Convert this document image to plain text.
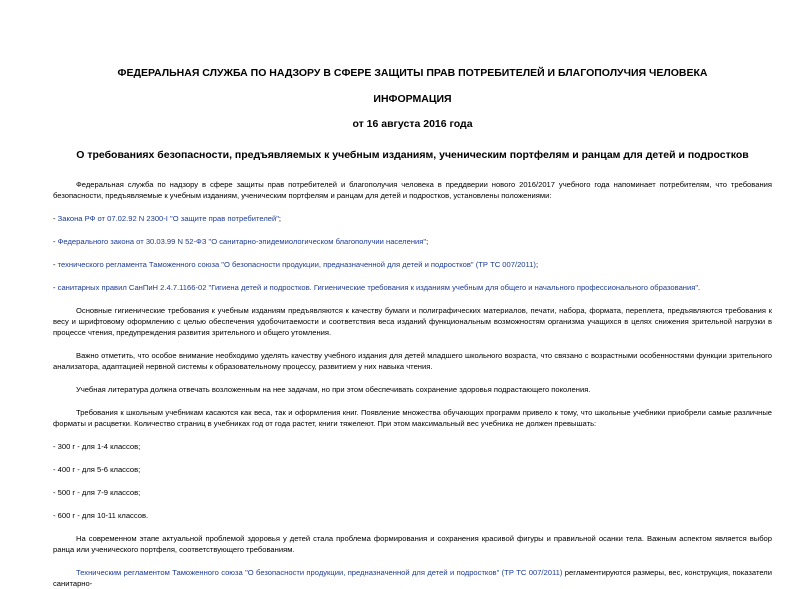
ФЕДЕРАЛЬНАЯ СЛУЖБА ПО НАДЗОРУ В СФЕРЕ ЗАЩИТЫ ПРАВ ПОТРЕБИТЕЛЕЙ И БЛАГОПОЛУЧИЯ ЧЕЛОВЕКА

ИНФОРМАЦИЯ

от 16 августа 2016 года

О требованиях безопасности, предъявляемых к учебным изданиям, ученическим портфелям и ранцам для детей и подростков

Федеральная служба по надзору в сфере защиты прав потребителей и благополучия человека в преддверии нового 2016/2017 учебного года напоминает потребителям, что требования безопасности, предъявляемые к учебным изданиям, ученическим портфелям и ранцам для детей и подростков, установлены положениями:

- Закона РФ от 07.02.92 N 2300-I "О защите прав потребителей";

- Федерального закона от 30.03.99 N 52-ФЗ "О санитарно-эпидемиологическом благополучии населения";

- технического регламента Таможенного союза "О безопасности продукции, предназначенной для детей и подростков" (ТР ТС 007/2011);

- санитарных правил СанПиН 2.4.7.1166-02 "Гигиена детей и подростков. Гигиенические требования к изданиям учебным для общего и начального профессионального образования".

Основные гигиенические требования к учебным изданиям предъявляются к качеству бумаги и полиграфических материалов, печати, набора, формата, переплета, предъявляются требования к весу и шрифтовому оформлению с целью обеспечения удобочитаемости и соответствия веса изданий функциональным возможностям организма учащихся в целях снижения зрительной нагрузки в процессе чтения, предупреждения развития зрительного и общего утомления.

Важно отметить, что особое внимание необходимо уделять качеству учебного издания для детей младшего школьного возраста, что связано с возрастными особенностями функции зрительного анализатора, адаптацией нервной системы к образовательному процессу, развитием у них навыка чтения.

Учебная литература должна отвечать возложенным на нее задачам, но при этом обеспечивать сохранение здоровья подрастающего поколения.

Требования к школьным учебникам касаются как веса, так и оформления книг. Появление множества обучающих программ привело к тому, что школьные учебники приобрели самые различные форматы и расцветки. Количество страниц в учебниках год от года растет, книги тяжелеют. При этом максимальный вес учебника не должен превышать:

- 300 г - для 1-4 классов;

- 400 г - для 5-6 классов;

- 500 г - для 7-9 классов;

- 600 г - для 10-11 классов.

На современном этапе актуальной проблемой здоровья у детей стала проблема формирования и сохранения красивой фигуры и правильной осанки тела. Важным аспектом является выбор ранца или ученического портфеля, соответствующего требованиям.

Техническим регламентом Таможенного союза "О безопасности продукции, предназначенной для детей и подростков" (ТР ТС 007/2011) регламентируются размеры, вес, конструкция, показатели санитарно-
